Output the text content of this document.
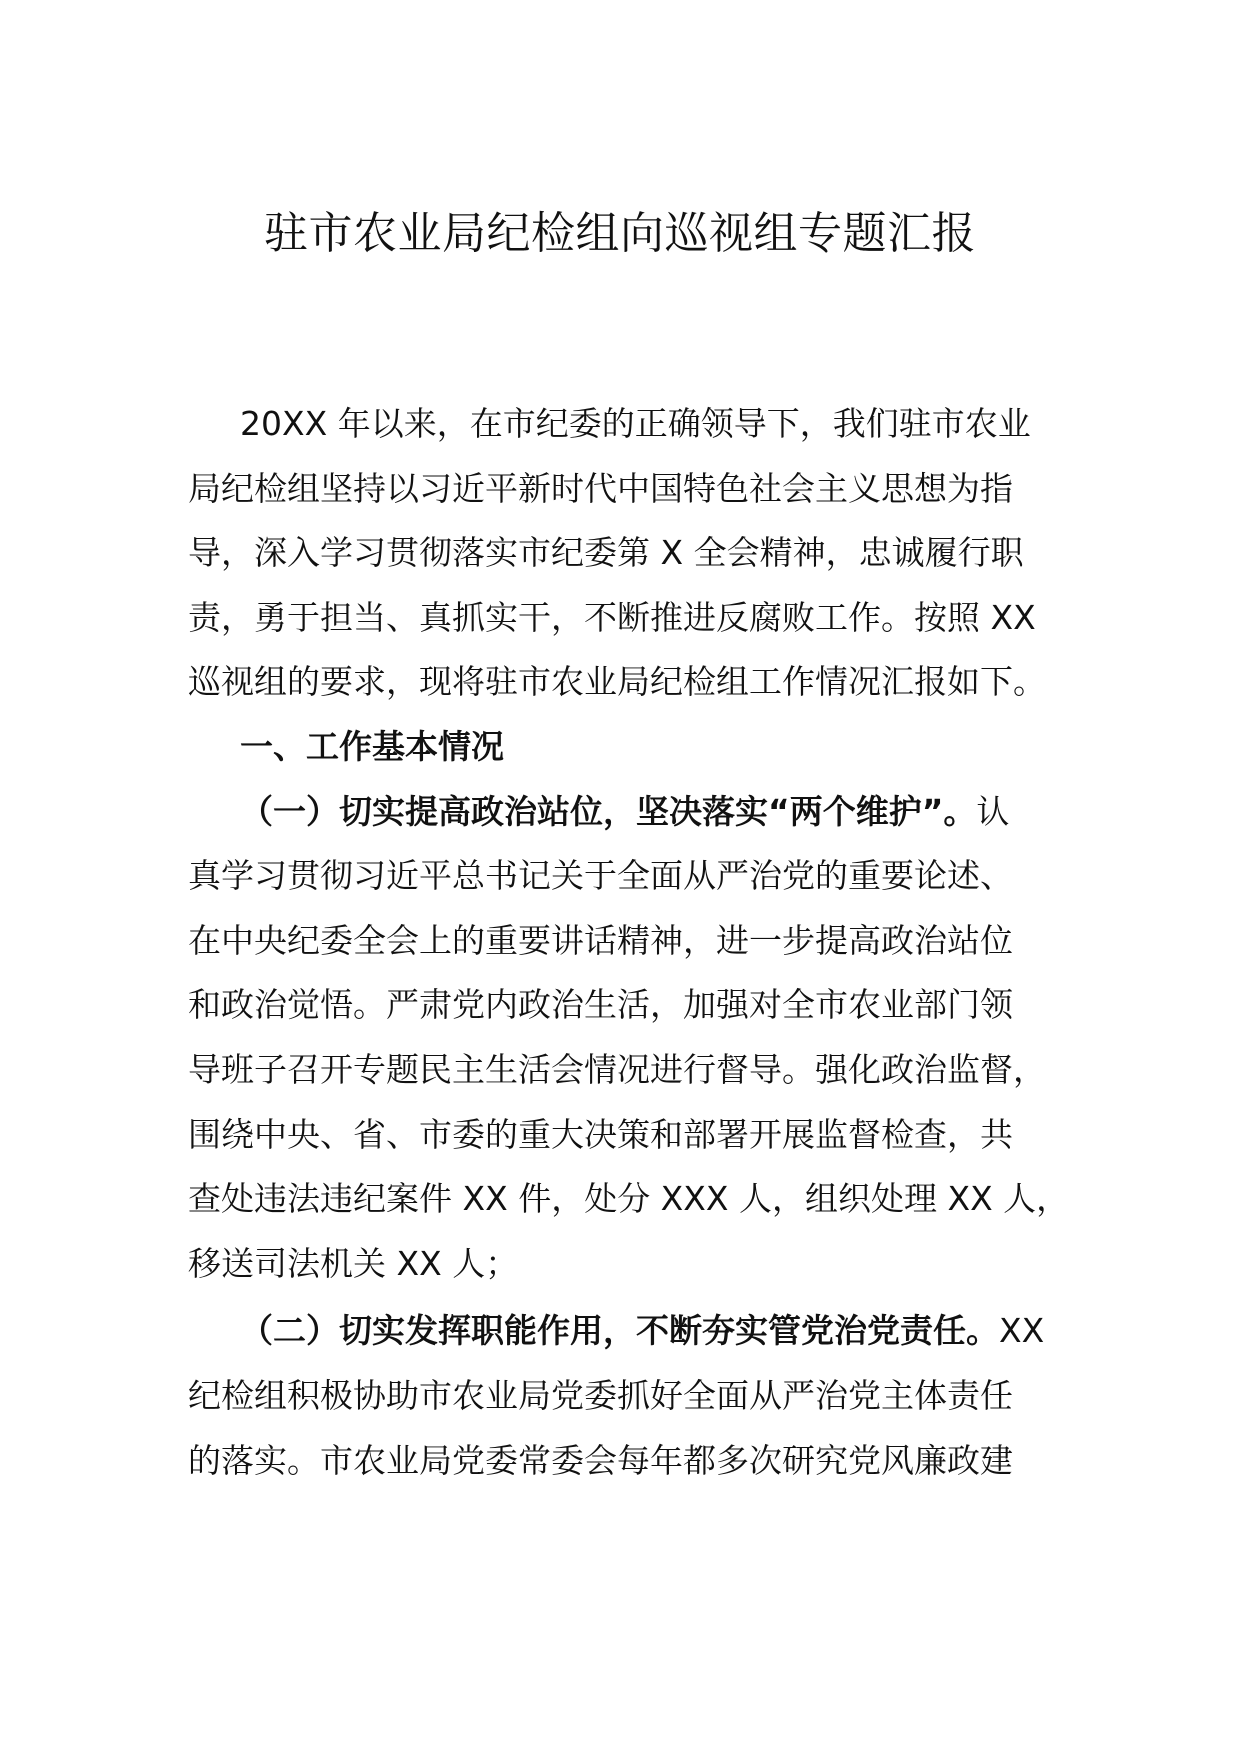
驻市农业局纪检组向巡视组专题汇报
20XX 年以来，在市纪委的正确领导下，我们驻市农业
局纪检组坚持以习近平新时代中国特色社会主义思想为指
导，深入学习贯彻落实市纪委第 X 全会精神，忠诚履行职
责，勇于担当、真抓实干，不断推进反腐败工作。按照 XX
巡视组的要求，现将驻市农业局纪检组工作情况汇报如下。
一、工作基本情况
（一）切实提高政治站位，坚决落实“两个维护”。认
真学习贯彻习近平总书记关于全面从严治党的重要论述、
在中央纪委全会上的重要讲话精神，进一步提高政治站位
和政治觉悟。严肃党内政治生活，加强对全市农业部门领
导班子召开专题民主生活会情况进行督导。强化政治监督，
围绕中央、省、市委的重大决策和部署开展监督检查，共
查处违法违纪案件 XX 件，处分 XXX 人，组织处理 XX 人，
移送司法机关 XX 人；
（二）切实发挥职能作用，不断夯实管党治党责任。XX
纪检组积极协助市农业局党委抓好全面从严治党主体责任
的落实。市农业局党委常委会每年都多次研究党风廉政建
